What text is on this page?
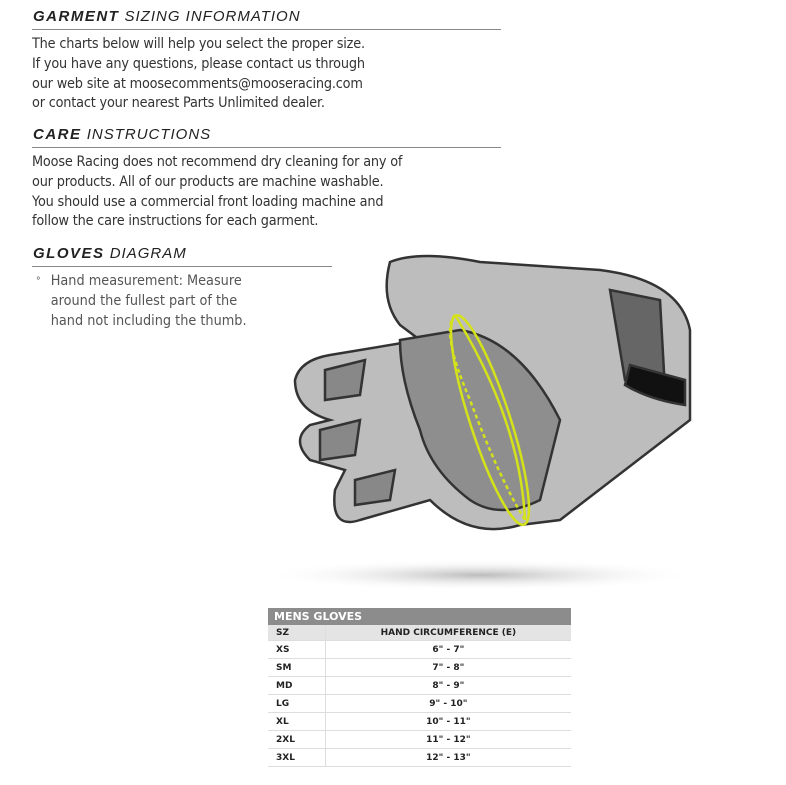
GARMENT SIZING INFORMATION
The charts below will help you select the proper size.
If you have any questions, please contact us through
our web site at moosecomments@mooseracing.com
or contact your nearest Parts Unlimited dealer.
CARE INSTRUCTIONS
Moose Racing does not recommend dry cleaning for any of
our products. All of our products are machine washable.
You should use a commercial front loading machine and
follow the care instructions for each garment.
GLOVES DIAGRAM
° Hand measurement: Measure
around the fullest part of the
hand not including the thumb.
MENS GLOVES	
SZ	HAND CIRCUMFERENCE (E)
XS	6" - 7"
SM	7" - 8"
MD	8" - 9"
LG	9" - 10"
XL	10" - 11"
2XL	11" - 12"
3XL	12" - 13"
